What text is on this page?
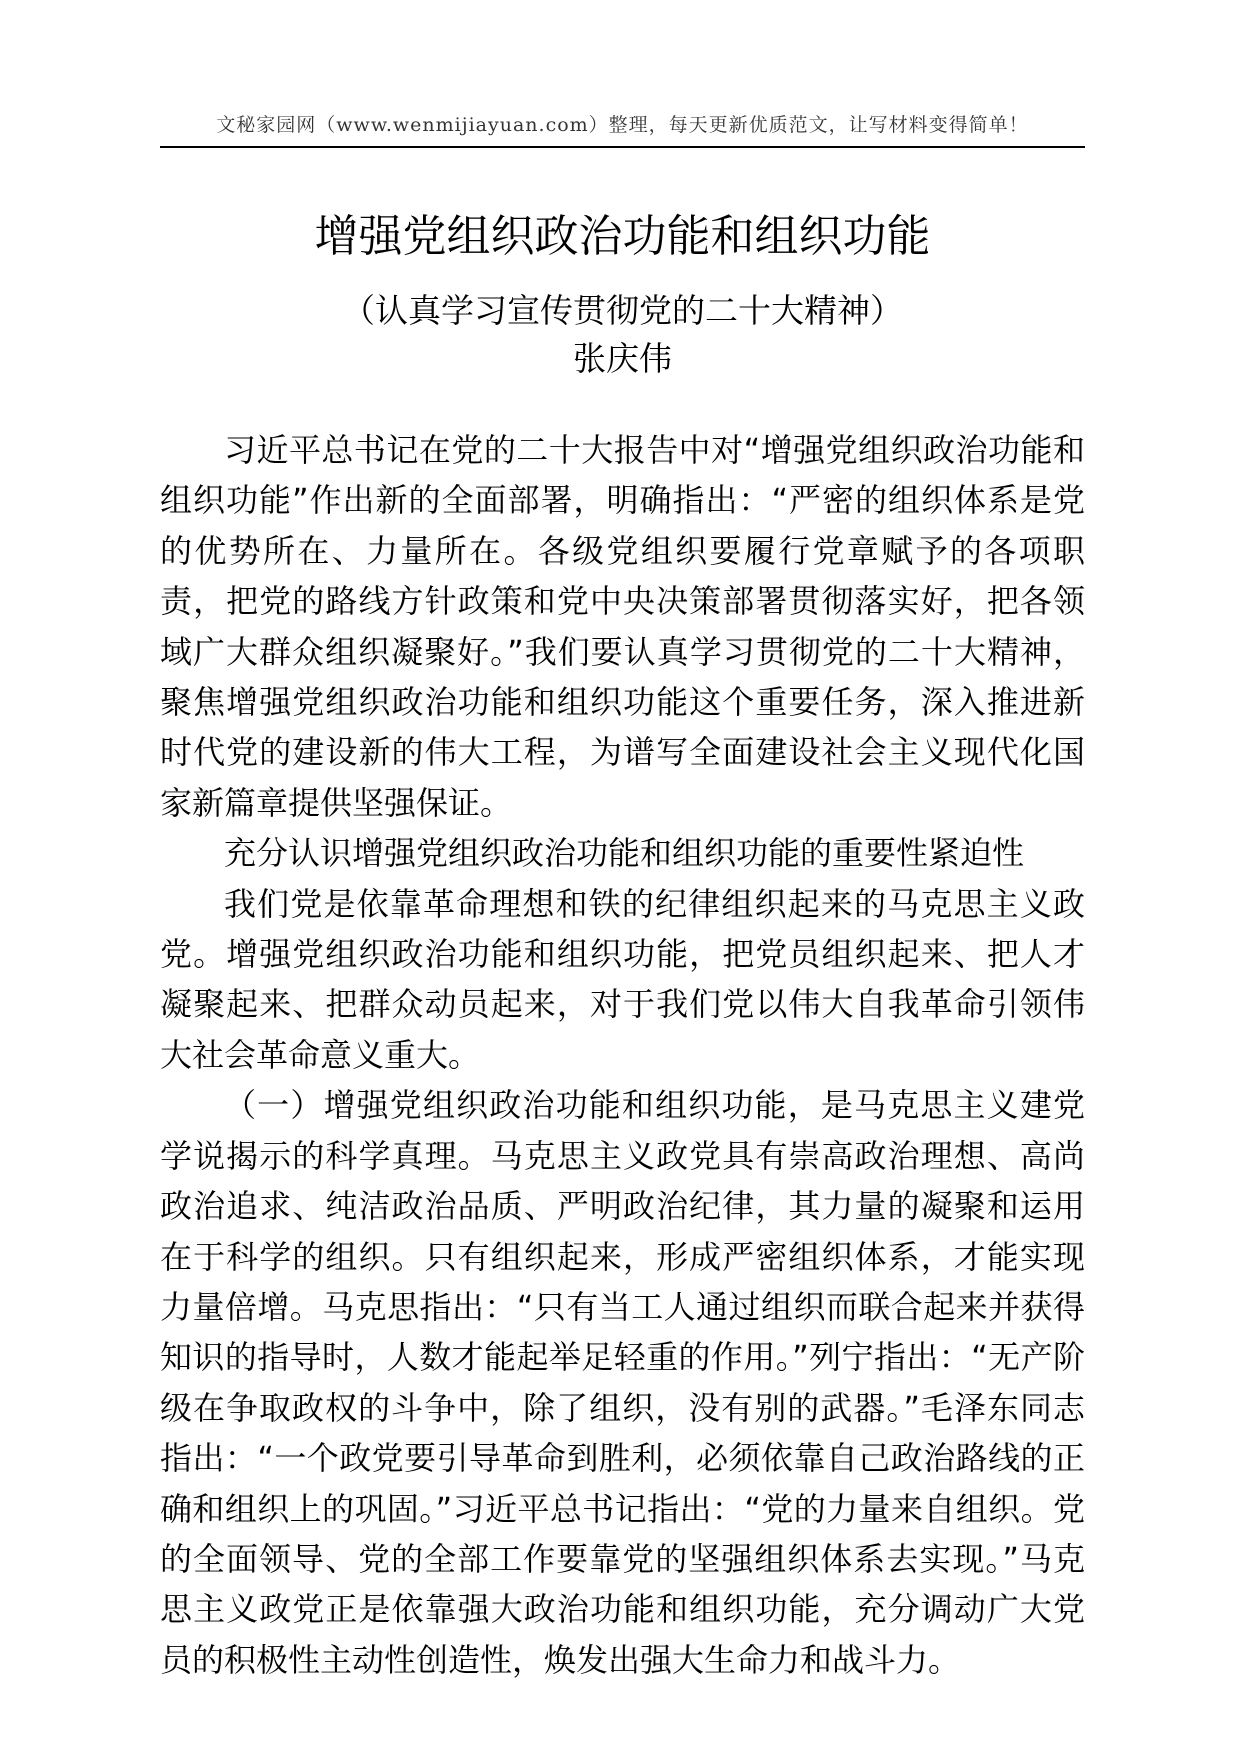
文秘家园网（www.wenmijiayuan.com）整理，每天更新优质范文，让写材料变得简单！
增强党组织政治功能和组织功能
（认真学习宣传贯彻党的二十大精神）
张庆伟

习近平总书记在党的二十大报告中对“增强党组织政治功能和组织功能”作出新的全面部署，明确指出：“严密的组织体系是党的优势所在、力量所在。各级党组织要履行党章赋予的各项职责，把党的路线方针政策和党中央决策部署贯彻落实好，把各领域广大群众组织凝聚好。”我们要认真学习贯彻党的二十大精神，聚焦增强党组织政治功能和组织功能这个重要任务，深入推进新时代党的建设新的伟大工程，为谱写全面建设社会主义现代化国家新篇章提供坚强保证。

充分认识增强党组织政治功能和组织功能的重要性紧迫性

我们党是依靠革命理想和铁的纪律组织起来的马克思主义政党。增强党组织政治功能和组织功能，把党员组织起来、把人才凝聚起来、把群众动员起来，对于我们党以伟大自我革命引领伟大社会革命意义重大。

（一）增强党组织政治功能和组织功能，是马克思主义建党学说揭示的科学真理。马克思主义政党具有崇高政治理想、高尚政治追求、纯洁政治品质、严明政治纪律，其力量的凝聚和运用在于科学的组织。只有组织起来，形成严密组织体系，才能实现力量倍增。马克思指出：“只有当工人通过组织而联合起来并获得知识的指导时，人数才能起举足轻重的作用。”列宁指出：“无产阶级在争取政权的斗争中，除了组织，没有别的武器。”毛泽东同志指出：“一个政党要引导革命到胜利，必须依靠自己政治路线的正确和组织上的巩固。”习近平总书记指出：“党的力量来自组织。党的全面领导、党的全部工作要靠党的坚强组织体系去实现。”马克思主义政党正是依靠强大政治功能和组织功能，充分调动广大党员的积极性主动性创造性，焕发出强大生命力和战斗力。
